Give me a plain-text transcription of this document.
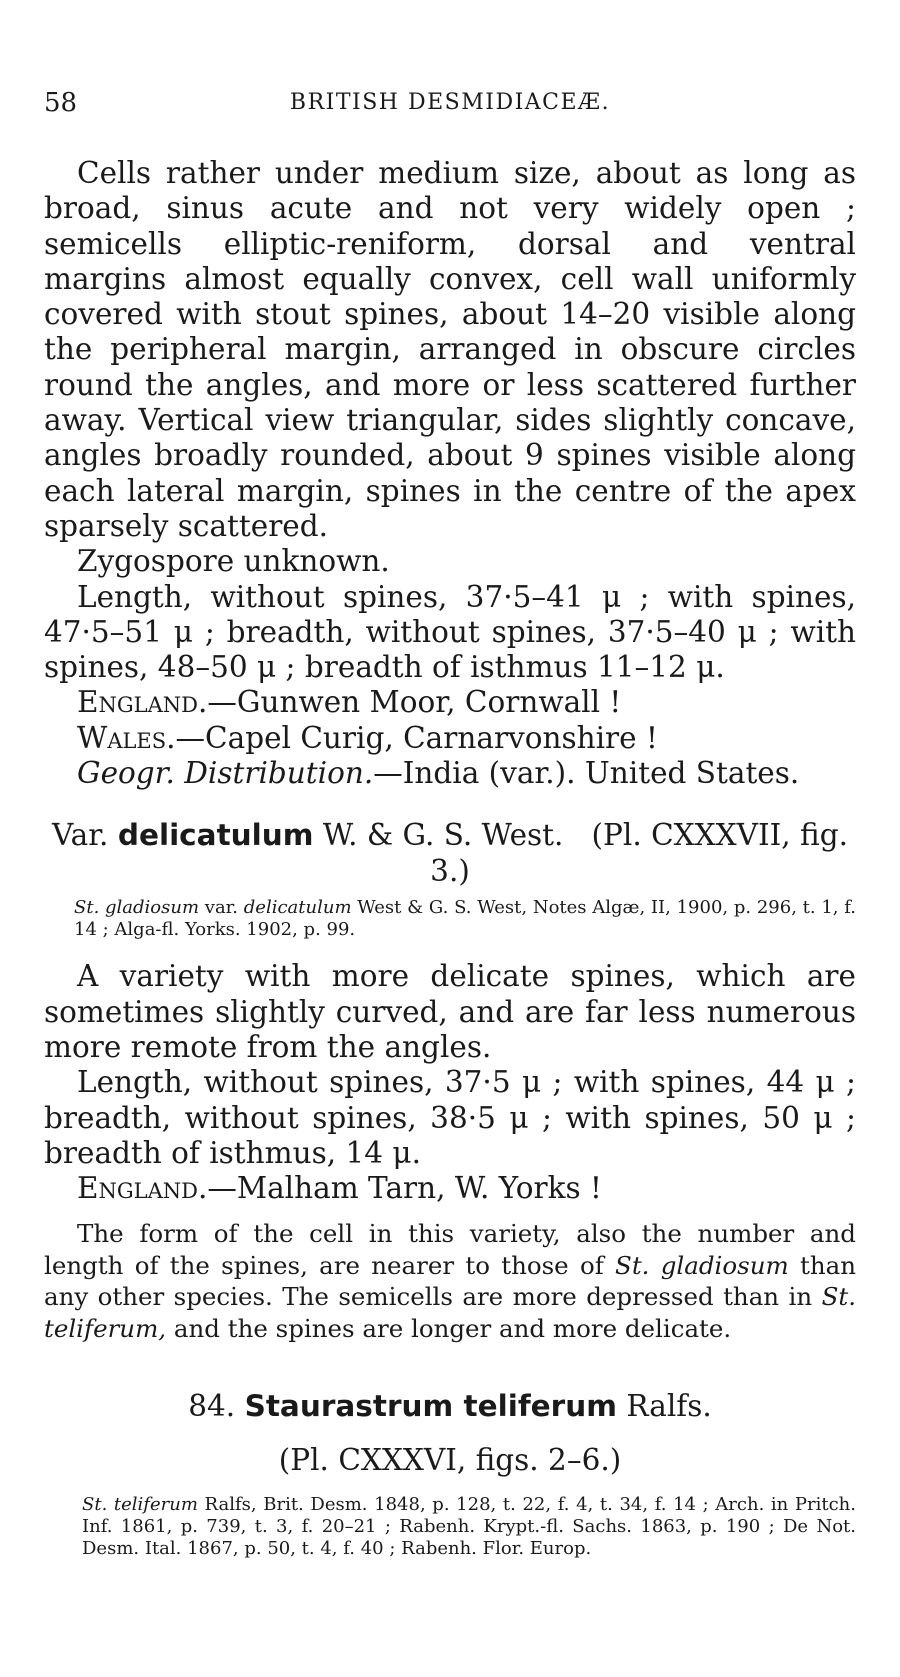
58	BRITISH DESMIDIACEÆ.

Cells rather under medium size, about as long as broad, sinus acute and not very widely open ; semicells elliptic-reniform, dorsal and ventral margins almost equally convex, cell wall uniformly covered with stout spines, about 14–20 visible along the peripheral margin, arranged in obscure circles round the angles, and more or less scattered further away. Vertical view triangular, sides slightly concave, angles broadly rounded, about 9 spines visible along each lateral margin, spines in the centre of the apex sparsely scattered.

Zygospore unknown.

Length, without spines, 37·5–41 μ ; with spines, 47·5–51 μ ; breadth, without spines, 37·5–40 μ ; with spines, 48–50 μ ; breadth of isthmus 11–12 μ.

England.—Gunwen Moor, Cornwall !

Wales.—Capel Curig, Carnarvonshire !

Geogr. Distribution.—India (var.). United States.

Var. delicatulum W. & G. S. West. (Pl. CXXXVII, fig. 3.)

St. gladiosum var. delicatulum West & G. S. West, Notes Algæ, II, 1900, p. 296, t. 1, f. 14 ; Alga-fl. Yorks. 1902, p. 99.

A variety with more delicate spines, which are sometimes slightly curved, and are far less numerous more remote from the angles.

Length, without spines, 37·5 μ ; with spines, 44 μ ; breadth, without spines, 38·5 μ ; with spines, 50 μ ; breadth of isthmus, 14 μ.

England.—Malham Tarn, W. Yorks !

The form of the cell in this variety, also the number and length of the spines, are nearer to those of St. gladiosum than any other species. The semicells are more depressed than in St. teliferum, and the spines are longer and more delicate.

84. Staurastrum teliferum Ralfs.
(Pl. CXXXVI, figs. 2–6.)

St. teliferum Ralfs, Brit. Desm. 1848, p. 128, t. 22, f. 4, t. 34, f. 14 ; Arch. in Pritch. Inf. 1861, p. 739, t. 3, f. 20–21 ; Rabenh. Krypt.-fl. Sachs. 1863, p. 190 ; De Not. Desm. Ital. 1867, p. 50, t. 4, f. 40 ; Rabenh. Flor. Europ.
